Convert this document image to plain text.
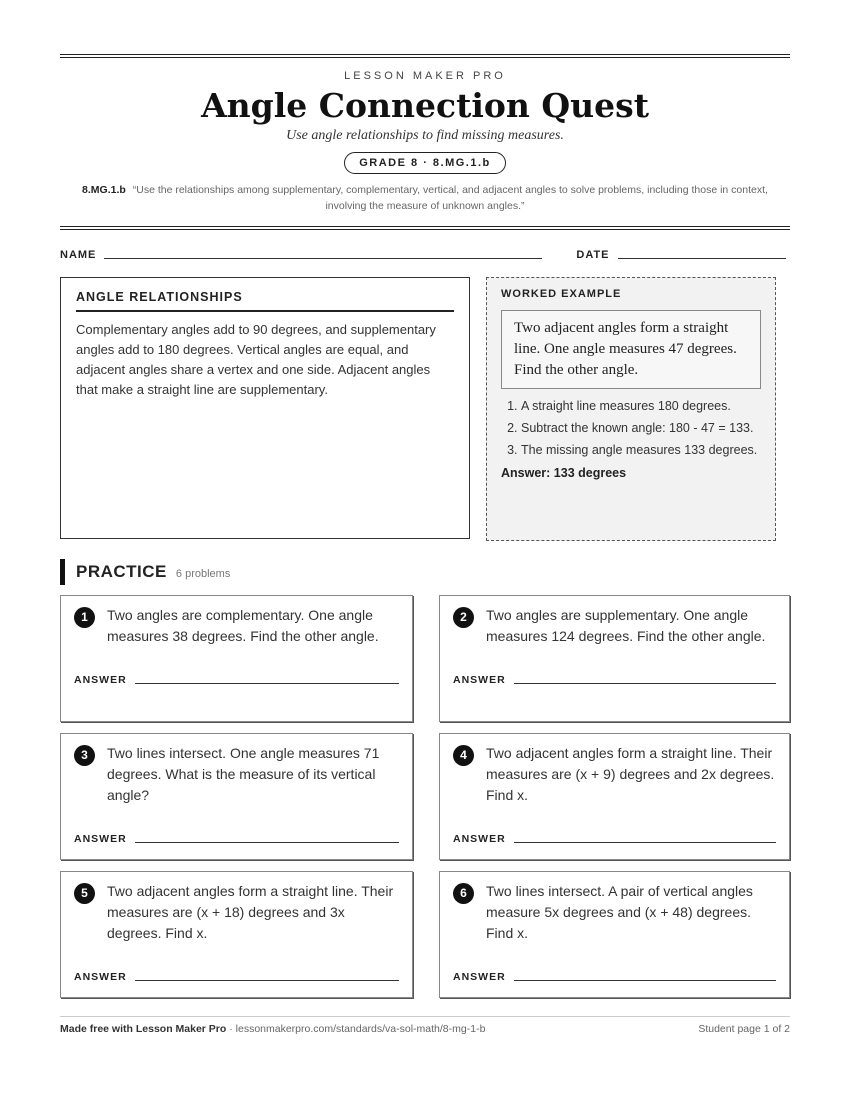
LESSON MAKER PRO
Angle Connection Quest
Use angle relationships to find missing measures.
GRADE 8 · 8.MG.1.b
8.MG.1.b “Use the relationships among supplementary, complementary, vertical, and adjacent angles to solve problems, including those in context, involving the measure of unknown angles.”
NAME	DATE
ANGLE RELATIONSHIPS
Complementary angles add to 90 degrees, and supplementary angles add to 180 degrees. Vertical angles are equal, and adjacent angles share a vertex and one side. Adjacent angles that make a straight line are supplementary.
WORKED EXAMPLE
Two adjacent angles form a straight line. One angle measures 47 degrees. Find the other angle.
1. A straight line measures 180 degrees.
2. Subtract the known angle: 180 - 47 = 133.
3. The missing angle measures 133 degrees.
Answer: 133 degrees
PRACTICE 6 problems
1	Two angles are complementary. One angle measures 38 degrees. Find the other angle.
ANSWER
2	Two angles are supplementary. One angle measures 124 degrees. Find the other angle.
ANSWER
3	Two lines intersect. One angle measures 71 degrees. What is the measure of its vertical angle?
ANSWER
4	Two adjacent angles form a straight line. Their measures are (x + 9) degrees and 2x degrees. Find x.
ANSWER
5	Two adjacent angles form a straight line. Their measures are (x + 18) degrees and 3x degrees. Find x.
ANSWER
6	Two lines intersect. A pair of vertical angles measure 5x degrees and (x + 48) degrees. Find x.
ANSWER
Made free with Lesson Maker Pro · lessonmakerpro.com/standards/va-sol-math/8-mg-1-b	Student page 1 of 2
